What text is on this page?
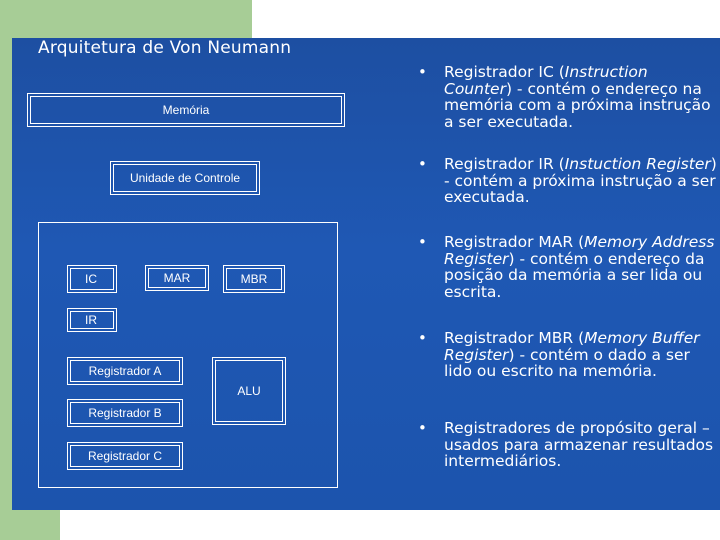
Arquitetura de Von Neumann
Memória
Unidade de Controle
IC	MAR	MBR
IR
Registrador A
Registrador B
Registrador C
ALU
• Registrador IC (Instruction Counter) - contém o endereço na memória com a próxima instrução a ser executada.
• Registrador IR (Instuction Register) - contém a próxima instrução a ser executada.
• Registrador MAR (Memory Address Register) - contém o endereço da posição da memória a ser lida ou escrita.
• Registrador MBR (Memory Buffer Register) - contém o dado a ser lido ou escrito na memória.
• Registradores de propósito geral – usados para armazenar resultados intermediários.
